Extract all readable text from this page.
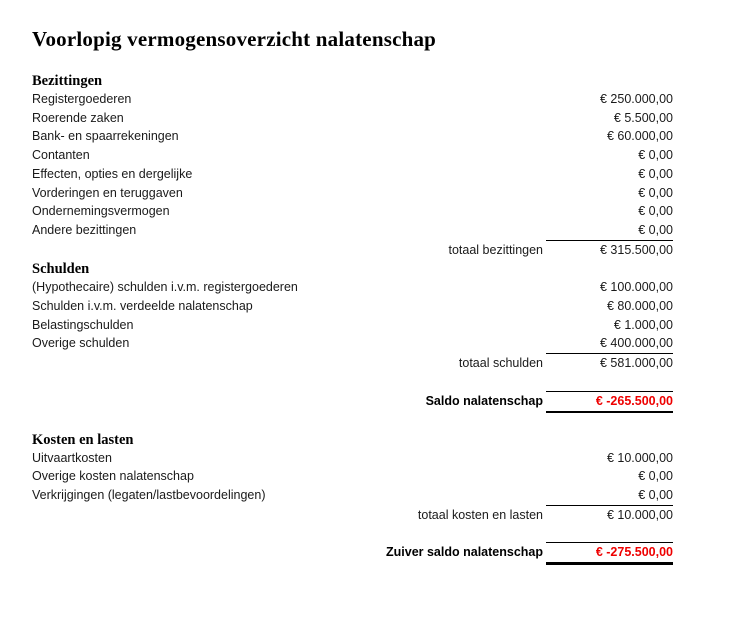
Voorlopig vermogensoverzicht nalatenschap
Bezittingen
Registergoederen	€ 250.000,00
Roerende zaken	€ 5.500,00
Bank- en spaarrekeningen	€ 60.000,00
Contanten	€ 0,00
Effecten, opties en dergelijke	€ 0,00
Vorderingen en teruggaven	€ 0,00
Ondernemingsvermogen	€ 0,00
Andere bezittingen	€ 0,00
totaal bezittingen	€ 315.500,00
Schulden
(Hypothecaire) schulden i.v.m. registergoederen	€ 100.000,00
Schulden i.v.m. verdeelde nalatenschap	€ 80.000,00
Belastingschulden	€ 1.000,00
Overige schulden	€ 400.000,00
totaal schulden	€ 581.000,00
Saldo nalatenschap	€ -265.500,00
Kosten en lasten
Uitvaartkosten	€ 10.000,00
Overige kosten nalatenschap	€ 0,00
Verkrijgingen (legaten/lastbevoordelingen)	€ 0,00
totaal kosten en lasten	€ 10.000,00
Zuiver saldo nalatenschap	€ -275.500,00
